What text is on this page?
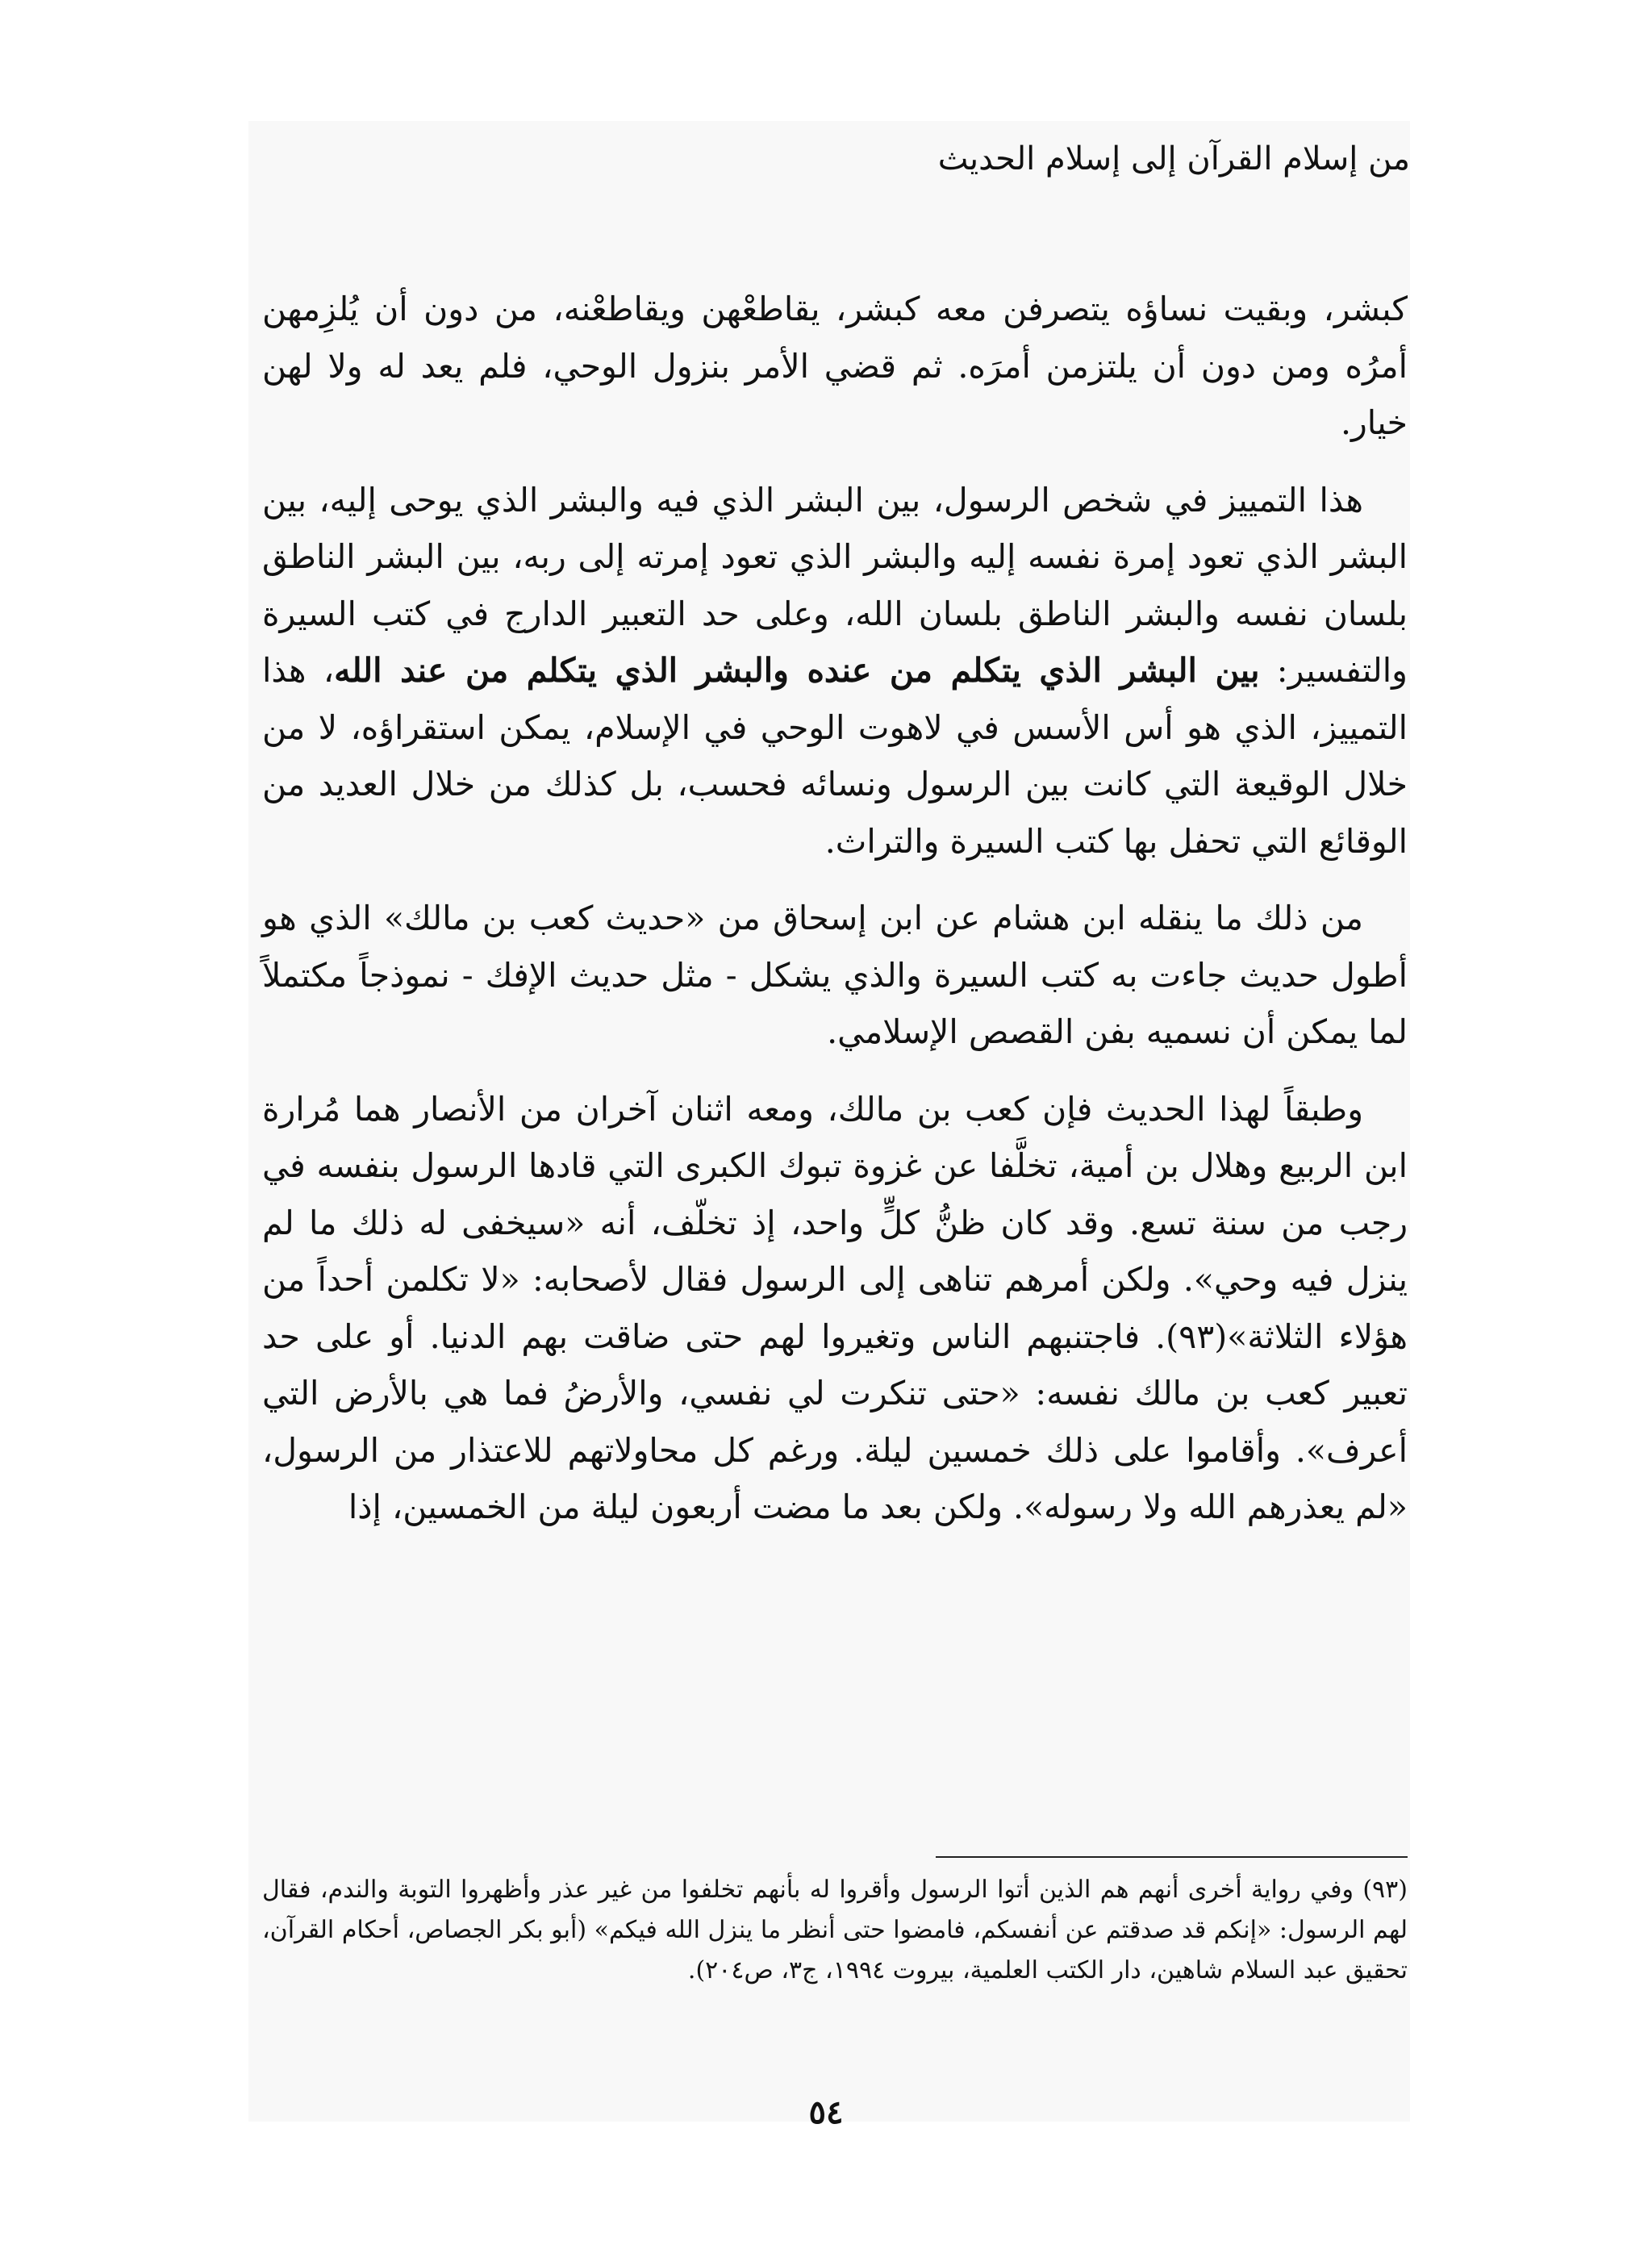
من إسلام القرآن إلى إسلام الحديث

كبشر، وبقيت نساؤه يتصرفن معه كبشر، يقاطعْهن ويقاطعْنه، من دون أن يُلزِمهن أمرُه ومن دون أن يلتزمن أمرَه. ثم قضي الأمر بنزول الوحي، فلم يعد له ولا لهن خيار.

هذا التمييز في شخص الرسول، بين البشر الذي فيه والبشر الذي يوحى إليه، بين البشر الذي تعود إمرة نفسه إليه والبشر الذي تعود إمرته إلى ربه، بين البشر الناطق بلسان نفسه والبشر الناطق بلسان الله، وعلى حد التعبير الدارج في كتب السيرة والتفسير: بين البشر الذي يتكلم من عنده والبشر الذي يتكلم من عند الله، هذا التمييز، الذي هو أس الأسس في لاهوت الوحي في الإسلام، يمكن استقراؤه، لا من خلال الوقيعة التي كانت بين الرسول ونسائه فحسب، بل كذلك من خلال العديد من الوقائع التي تحفل بها كتب السيرة والتراث.

من ذلك ما ينقله ابن هشام عن ابن إسحاق من «حديث كعب بن مالك» الذي هو أطول حديث جاءت به كتب السيرة والذي يشكل - مثل حديث الإفك - نموذجاً مكتملاً لما يمكن أن نسميه بفن القصص الإسلامي.

وطبقاً لهذا الحديث فإن كعب بن مالك، ومعه اثنان آخران من الأنصار هما مُرارة ابن الربيع وهلال بن أمية، تخلَّفا عن غزوة تبوك الكبرى التي قادها الرسول بنفسه في رجب من سنة تسع. وقد كان ظنُّ كلٍّ واحد، إذ تخلّف، أنه «سيخفى له ذلك ما لم ينزل فيه وحي». ولكن أمرهم تناهى إلى الرسول فقال لأصحابه: «لا تكلمن أحداً من هؤلاء الثلاثة»(٩٣). فاجتنبهم الناس وتغيروا لهم حتى ضاقت بهم الدنيا. أو على حد تعبير كعب بن مالك نفسه: «حتى تنكرت لي نفسي، والأرضُ فما هي بالأرض التي أعرف». وأقاموا على ذلك خمسين ليلة. ورغم كل محاولاتهم للاعتذار من الرسول، «لم يعذرهم الله ولا رسوله». ولكن بعد ما مضت أربعون ليلة من الخمسين، إذا

(٩٣) وفي رواية أخرى أنهم هم الذين أتوا الرسول وأقروا له بأنهم تخلفوا من غير عذر وأظهروا التوبة والندم، فقال لهم الرسول: «إنكم قد صدقتم عن أنفسكم، فامضوا حتى أنظر ما ينزل الله فيكم» (أبو بكر الجصاص، أحكام القرآن، تحقيق عبد السلام شاهين، دار الكتب العلمية، بيروت ١٩٩٤، ج٣، ص٢٠٤).
٥٤
